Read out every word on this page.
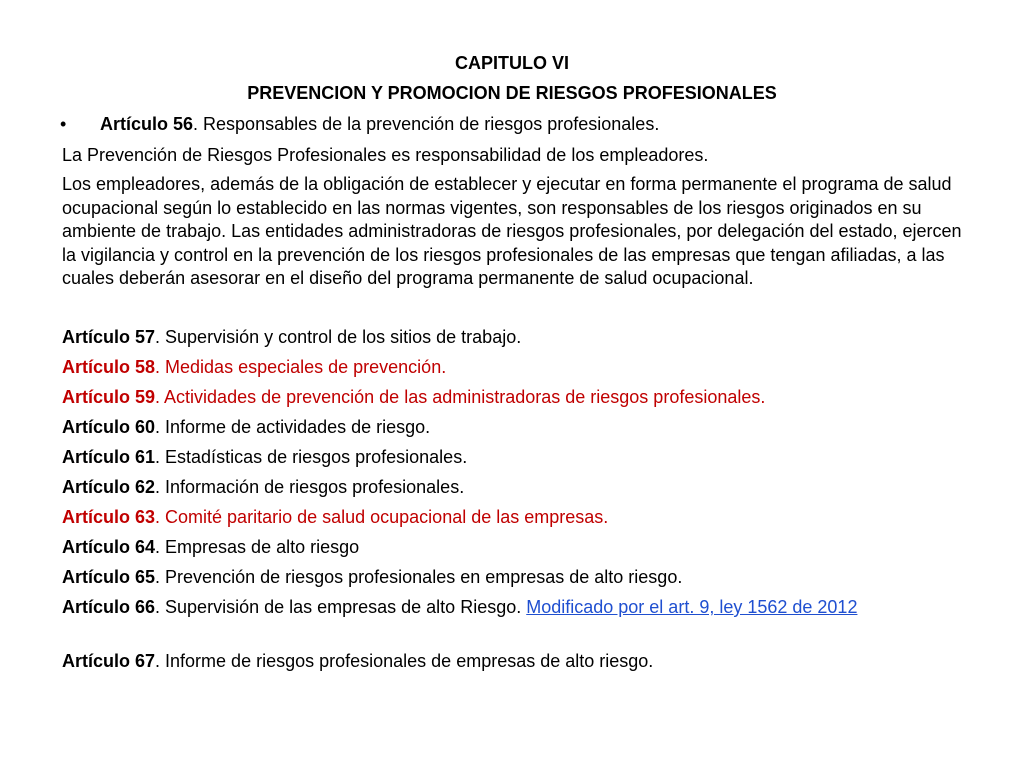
CAPITULO VI
PREVENCION Y PROMOCION DE RIESGOS PROFESIONALES
• Artículo 56. Responsables de la prevención de riesgos profesionales.
La Prevención de Riesgos Profesionales es responsabilidad de los empleadores.
Los empleadores, además de la obligación de establecer y ejecutar en forma permanente el programa de salud ocupacional según lo establecido en las normas vigentes, son responsables de los riesgos originados en su ambiente de trabajo. Las entidades administradoras de riesgos profesionales, por delegación del estado, ejercen la vigilancia y control en la prevención de los riesgos profesionales de las empresas que tengan afiliadas, a las cuales deberán asesorar en el diseño del programa permanente de salud ocupacional.
Artículo 57. Supervisión y control de los sitios de trabajo.
Artículo 58. Medidas especiales de prevención.
Artículo 59. Actividades de prevención de las administradoras de riesgos profesionales.
Artículo 60. Informe de actividades de riesgo.
Artículo 61. Estadísticas de riesgos profesionales.
Artículo 62. Información de riesgos profesionales.
Artículo 63. Comité paritario de salud ocupacional de las empresas.
Artículo 64. Empresas de alto riesgo
Artículo 65. Prevención de riesgos profesionales en empresas de alto riesgo.
Artículo 66. Supervisión de las empresas de alto Riesgo. Modificado por el art. 9, ley 1562 de 2012
Artículo 67. Informe de riesgos profesionales de empresas de alto riesgo.
